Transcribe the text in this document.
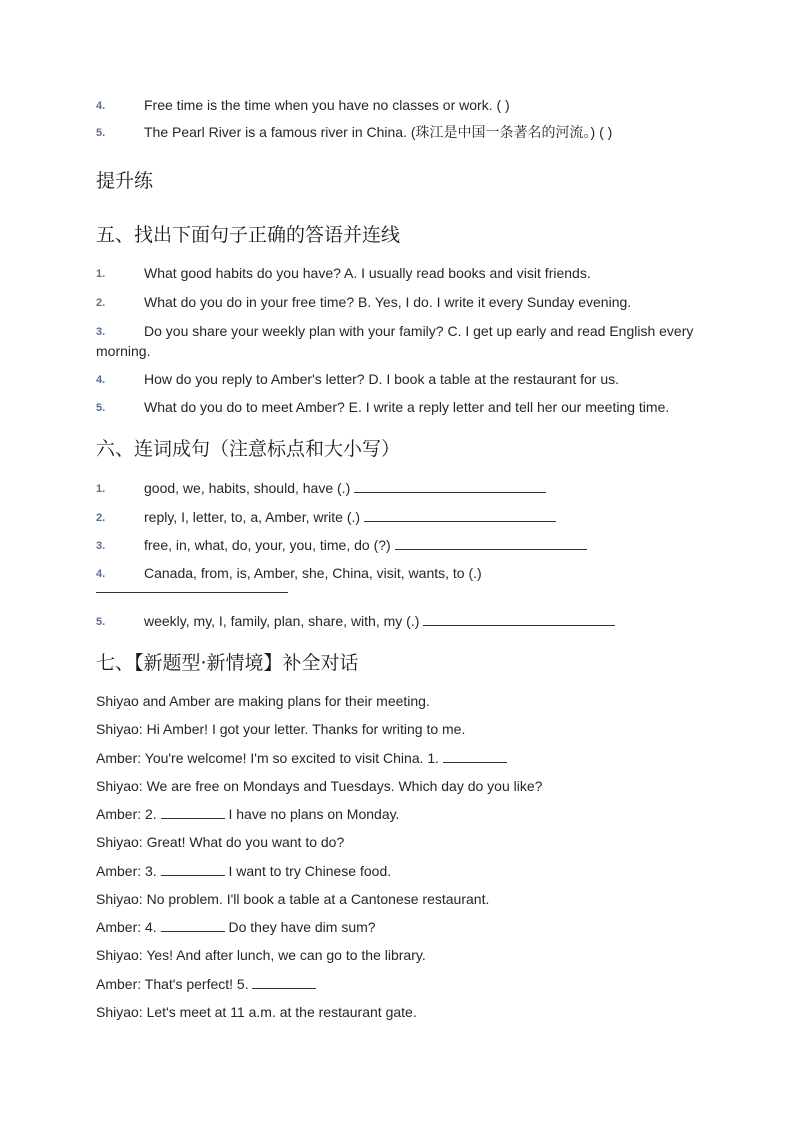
4.	Free time is the time when you have no classes or work. ( )
5.	The Pearl River is a famous river in China. (珠江是中国一条著名的河流。) ( )
提升练
五、找出下面句子正确的答语并连线
1.	What good habits do you have? A. I usually read books and visit friends.
2.	What do you do in your free time? B. Yes, I do. I write it every Sunday evening.
3.	Do you share your weekly plan with your family? C. I get up early and read English every morning.
4.	How do you reply to Amber's letter? D. I book a table at the restaurant for us.
5.	What do you do to meet Amber? E. I write a reply letter and tell her our meeting time.
六、连词成句（注意标点和大小写）
1.	good, we, habits, should, have (.)
2.	reply, I, letter, to, a, Amber, write (.)
3.	free, in, what, do, your, you, time, do (?)
4.	Canada, from, is, Amber, she, China, visit, wants, to (.)
5.	weekly, my, I, family, plan, share, with, my (.)
七、【新题型·新情境】补全对话
Shiyao and Amber are making plans for their meeting.
Shiyao: Hi Amber! I got your letter. Thanks for writing to me.
Amber: You're welcome! I'm so excited to visit China. 1.
Shiyao: We are free on Mondays and Tuesdays. Which day do you like?
Amber: 2.	I have no plans on Monday.
Shiyao: Great! What do you want to do?
Amber: 3.	I want to try Chinese food.
Shiyao: No problem. I'll book a table at a Cantonese restaurant.
Amber: 4.	Do they have dim sum?
Shiyao: Yes! And after lunch, we can go to the library.
Amber: That's perfect! 5.
Shiyao: Let's meet at 11 a.m. at the restaurant gate.
